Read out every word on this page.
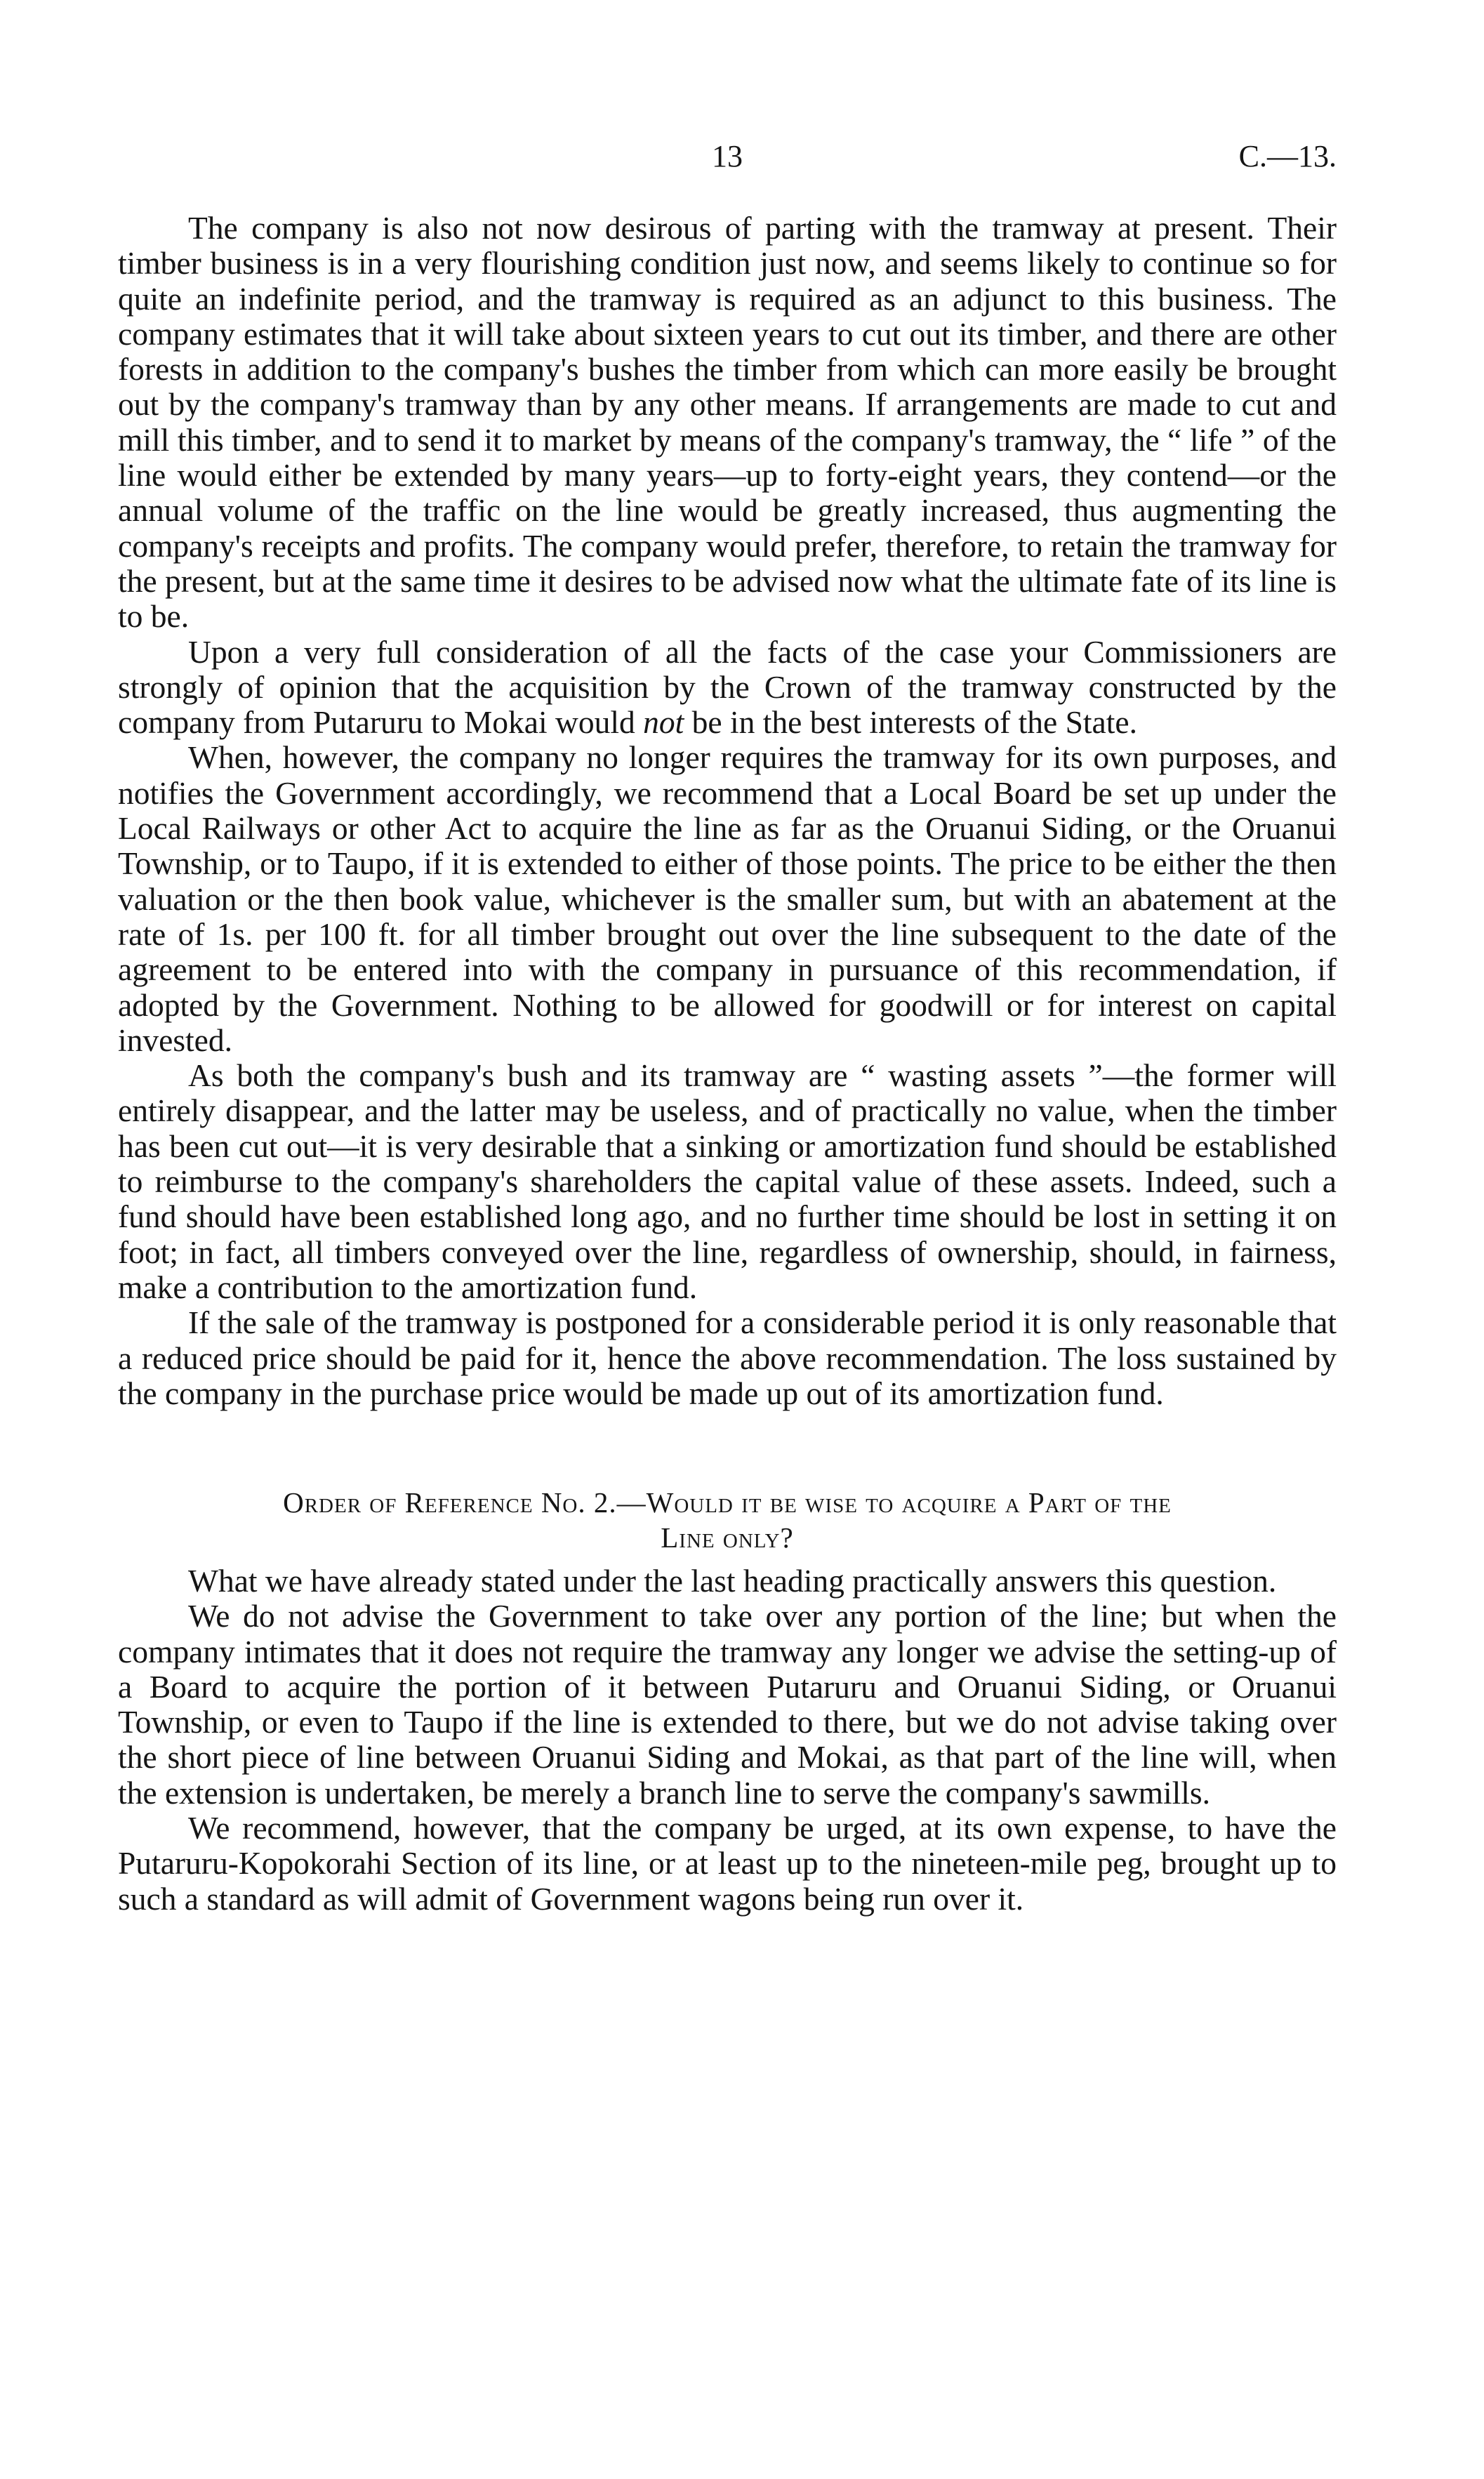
13	C.—13.

The company is also not now desirous of parting with the tramway at present. Their timber business is in a very flourishing condition just now, and seems likely to continue so for quite an indefinite period, and the tramway is required as an adjunct to this business. The company estimates that it will take about sixteen years to cut out its timber, and there are other forests in addition to the company's bushes the timber from which can more easily be brought out by the company's tramway than by any other means. If arrangements are made to cut and mill this timber, and to send it to market by means of the company's tramway, the “ life ” of the line would either be extended by many years—up to forty-eight years, they contend—or the annual volume of the traffic on the line would be greatly increased, thus augmenting the company's receipts and profits. The company would prefer, therefore, to retain the tramway for the present, but at the same time it desires to be advised now what the ultimate fate of its line is to be.

Upon a very full consideration of all the facts of the case your Commissioners are strongly of opinion that the acquisition by the Crown of the tramway constructed by the company from Putaruru to Mokai would not be in the best interests of the State.

When, however, the company no longer requires the tramway for its own purposes, and notifies the Government accordingly, we recommend that a Local Board be set up under the Local Railways or other Act to acquire the line as far as the Oruanui Siding, or the Oruanui Township, or to Taupo, if it is extended to either of those points. The price to be either the then valuation or the then book value, whichever is the smaller sum, but with an abatement at the rate of 1s. per 100 ft. for all timber brought out over the line subsequent to the date of the agreement to be entered into with the company in pursuance of this recommendation, if adopted by the Government. Nothing to be allowed for goodwill or for interest on capital invested.

As both the company's bush and its tramway are “ wasting assets ”—the former will entirely disappear, and the latter may be useless, and of practically no value, when the timber has been cut out—it is very desirable that a sinking or amortization fund should be established to reimburse to the company's shareholders the capital value of these assets. Indeed, such a fund should have been established long ago, and no further time should be lost in setting it on foot; in fact, all timbers conveyed over the line, regardless of ownership, should, in fairness, make a contribution to the amortization fund.

If the sale of the tramway is postponed for a considerable period it is only reasonable that a reduced price should be paid for it, hence the above recommendation. The loss sustained by the company in the purchase price would be made up out of its amortization fund.

Order of Reference No. 2.—Would it be wise to acquire a Part of the
Line only?

What we have already stated under the last heading practically answers this question.

We do not advise the Government to take over any portion of the line; but when the company intimates that it does not require the tramway any longer we advise the setting-up of a Board to acquire the portion of it between Putaruru and Oruanui Siding, or Oruanui Township, or even to Taupo if the line is extended to there, but we do not advise taking over the short piece of line between Oruanui Siding and Mokai, as that part of the line will, when the extension is undertaken, be merely a branch line to serve the company's sawmills.

We recommend, however, that the company be urged, at its own expense, to have the Putaruru-Kopokorahi Section of its line, or at least up to the nineteen-mile peg, brought up to such a standard as will admit of Government wagons being run over it.
